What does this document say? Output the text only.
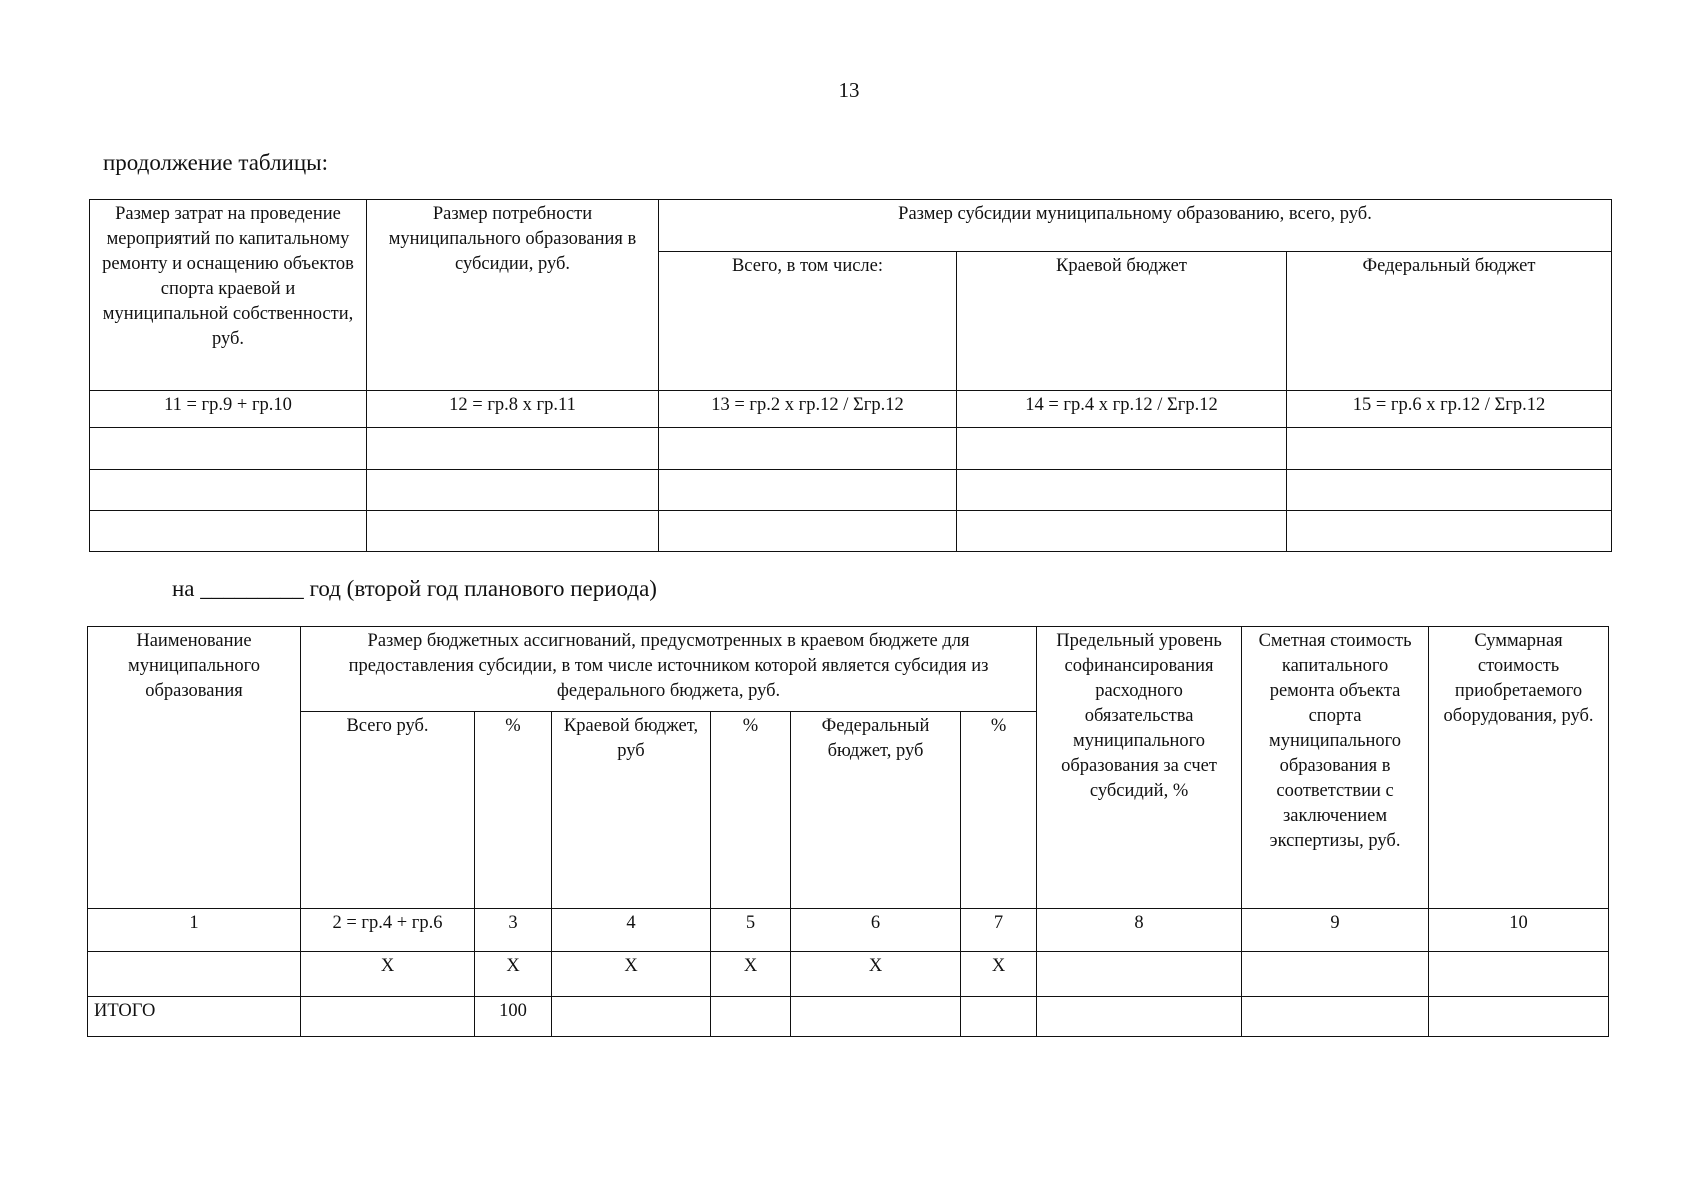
13
продолжение таблицы:
Размер затрат на проведение мероприятий по капитальному ремонту и оснащению объектов спорта краевой и муниципальной собственности, руб.	Размер потребности муниципального образования в субсидии, руб.	Размер субсидии муниципальному образованию, всего, руб.		
		Всего, в том числе:	Краевой бюджет	Федеральный бюджет
11 = гр.9 + гр.10	12 = гр.8 х гр.11	13 = гр.2 х гр.12 / Σгр.12	14 = гр.4 х гр.12 / Σгр.12	15 = гр.6 х гр.12 / Σгр.12

на _________ год (второй год планового периода)
Наименование муниципального образования	Размер бюджетных ассигнований, предусмотренных в краевом бюджете для предоставления субсидии, в том числе источником которой является субсидия из федерального бюджета, руб.						Предельный уровень софинансирования расходного обязательства муниципального образования за счет субсидий, %	Сметная стоимость капитального ремонта объекта спорта муниципального образования в соответствии с заключением экспертизы, руб.	Суммарная стоимость приобретаемого оборудования, руб.
	Всего руб.	%	Краевой бюджет, руб	%	Федеральный бюджет, руб	%			
1	2 = гр.4 + гр.6	3	4	5	6	7	8	9	10
	Х	Х	Х	Х	Х	Х			
ИТОГО		100							
